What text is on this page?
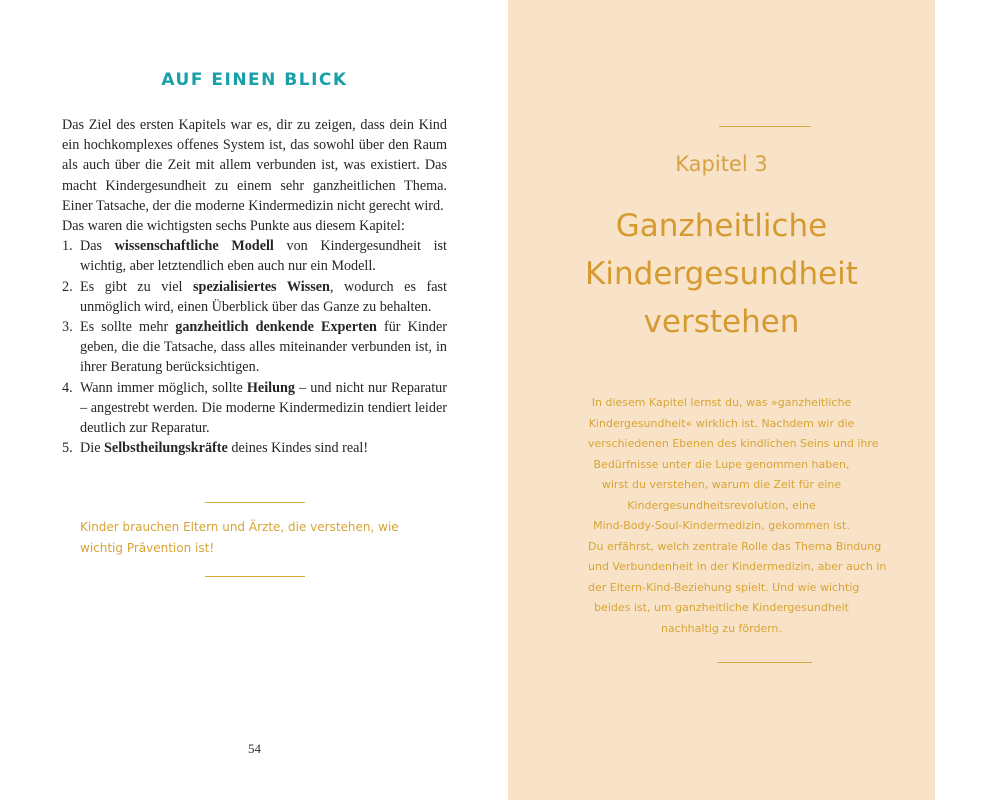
AUF EINEN BLICK

Das Ziel des ersten Kapitels war es, dir zu zeigen, dass dein Kind ein hochkomplexes offenes System ist, das sowohl über den Raum als auch über die Zeit mit allem verbunden ist, was existiert. Das macht Kindergesundheit zu einem sehr ganzheitlichen Thema. Einer Tatsache, der die moderne Kindermedizin nicht gerecht wird.

Das waren die wichtigsten sechs Punkte aus diesem Kapitel:
1. Das wissenschaftliche Modell von Kindergesundheit ist wichtig, aber letztendlich eben auch nur ein Modell.
2. Es gibt zu viel spezialisiertes Wissen, wodurch es fast unmöglich wird, einen Überblick über das Ganze zu behalten.
3. Es sollte mehr ganzheitlich denkende Experten für Kinder geben, die die Tatsache, dass alles miteinander verbunden ist, in ihrer Beratung berücksichtigen.
4. Wann immer möglich, sollte Heilung – und nicht nur Reparatur – angestrebt werden. Die moderne Kindermedizin tendiert leider deutlich zur Reparatur.
5. Die Selbstheilungskräfte deines Kindes sind real!
Kinder brauchen Eltern und Ärzte, die verstehen, wie wichtig Prävention ist!
54
Kapitel 3
Ganzheitliche
Kindergesundheit
verstehen
In diesem Kapitel lernst du, was »ganzheitliche
Kindergesundheit« wirklich ist. Nachdem wir die
verschiedenen Ebenen des kindlichen Seins und ihre
Bedürfnisse unter die Lupe genommen haben,
wirst du verstehen, warum die Zeit für eine
Kindergesundheitsrevolution, eine
Mind-Body-Soul-Kindermedizin, gekommen ist.
Du erfährst, welch zentrale Rolle das Thema Bindung
und Verbundenheit in der Kindermedizin, aber auch in
der Eltern-Kind-Beziehung spielt. Und wie wichtig
beides ist, um ganzheitliche Kindergesundheit
nachhaltig zu fördern.
